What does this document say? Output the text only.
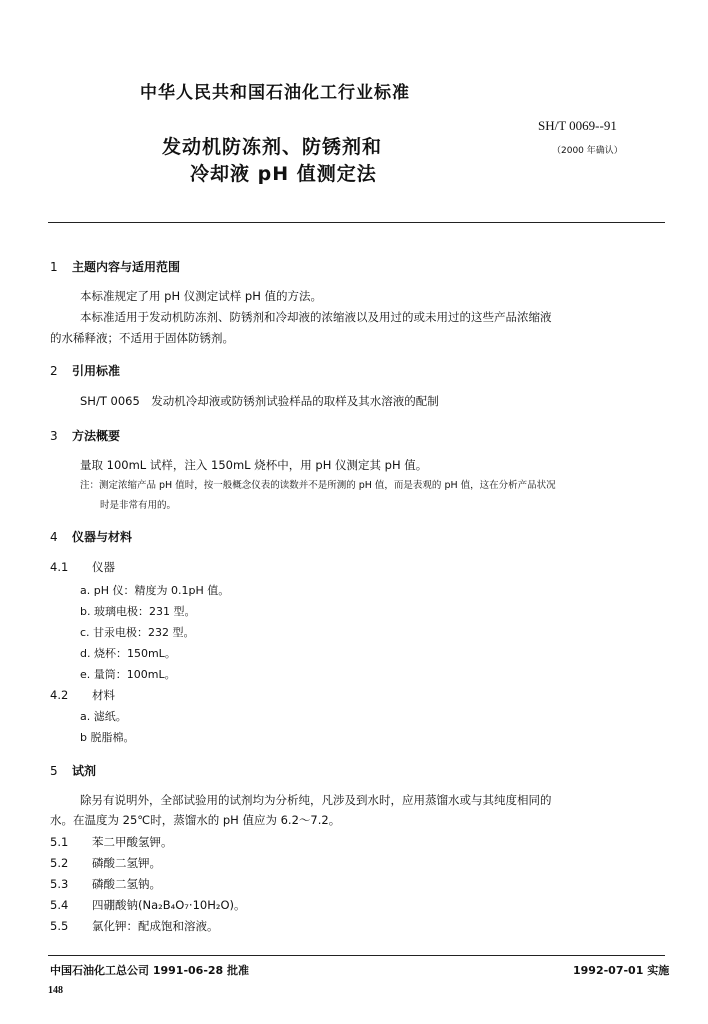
中华人民共和国石油化工行业标准
SH/T 0069--91
（2000 年确认）
发动机防冻剂、防锈剂和
冷却液 pH 值测定法
1 主题内容与适用范围
本标准规定了用 pH 仪测定试样 pH 值的方法。
本标准适用于发动机防冻剂、防锈剂和冷却液的浓缩液以及用过的或未用过的这些产品浓缩液
的水稀释液；不适用于固体防锈剂。
2 引用标准
SH/T 0065　发动机冷却液或防锈剂试验样品的取样及其水溶液的配制
3 方法概要
量取 100mL 试样，注入 150mL 烧杯中，用 pH 仪测定其 pH 值。
注：测定浓缩产品 pH 值时，按一般概念仪表的读数并不是所测的 pH 值，而是表观的 pH 值，这在分析产品状况
时是非常有用的。
4 仪器与材料
4.1 仪器
a. pH 仪：精度为 0.1pH 值。
b. 玻璃电极：231 型。
c. 甘汞电极：232 型。
d. 烧杯：150mL。
e. 量筒：100mL。
4.2 材料
a. 滤纸。
b 脱脂棉。
5 试剂
除另有说明外，全部试验用的试剂均为分析纯，凡涉及到水时，应用蒸馏水或与其纯度相同的
水。在温度为 25℃时，蒸馏水的 pH 值应为 6.2～7.2。
5.1 苯二甲酸氢钾。
5.2 磷酸二氢钾。
5.3 磷酸二氢钠。
5.4 四硼酸钠(Na₂B₄O₇·10H₂O)。
5.5 氯化钾：配成饱和溶液。
中国石油化工总公司 1991-06-28 批准	1992-07-01 实施
148
